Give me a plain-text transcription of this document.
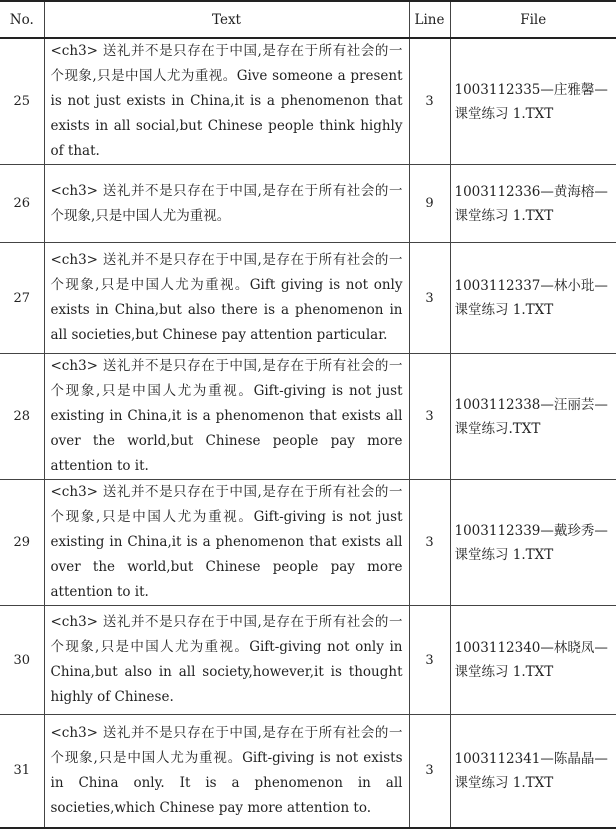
No.	Text	Line	File
25	<ch3> 送礼并不是只存在于中国,是存在于所有社会的一个现象,只是中国人尤为重视。Give someone a present is not just exists in China,it is a phenomenon that exists in all social,but Chinese people think highly of that.	3	1003112335—庄雅馨—课堂练习 1.TXT
26	<ch3> 送礼并不是只存在于中国,是存在于所有社会的一个现象,只是中国人尤为重视。	9	1003112336—黄海榕—课堂练习 1.TXT
27	<ch3> 送礼并不是只存在于中国,是存在于所有社会的一个现象,只是中国人尤为重视。Gift giving is not only exists in China,but also there is a phenomenon in all societies,but Chinese pay attention particular.	3	1003112337—林小玭—课堂练习 1.TXT
28	<ch3> 送礼并不是只存在于中国,是存在于所有社会的一个现象,只是中国人尤为重视。Gift-giving is not just existing in China,it is a phenomenon that exists all over the world,but Chinese people pay more attention to it.	3	1003112338—汪丽芸—课堂练习.TXT
29	<ch3> 送礼并不是只存在于中国,是存在于所有社会的一个现象,只是中国人尤为重视。Gift-giving is not just existing in China,it is a phenomenon that exists all over the world,but Chinese people pay more attention to it.	3	1003112339—戴珍秀—课堂练习 1.TXT
30	<ch3> 送礼并不是只存在于中国,是存在于所有社会的一个现象,只是中国人尤为重视。Gift-giving not only in China,but also in all society,however,it is thought highly of Chinese.	3	1003112340—林晓凤—课堂练习 1.TXT
31	<ch3> 送礼并不是只存在于中国,是存在于所有社会的一个现象,只是中国人尤为重视。Gift-giving is not exists in China only. It is a phenomenon in all societies,which Chinese pay more attention to.	3	1003112341—陈晶晶—课堂练习 1.TXT
